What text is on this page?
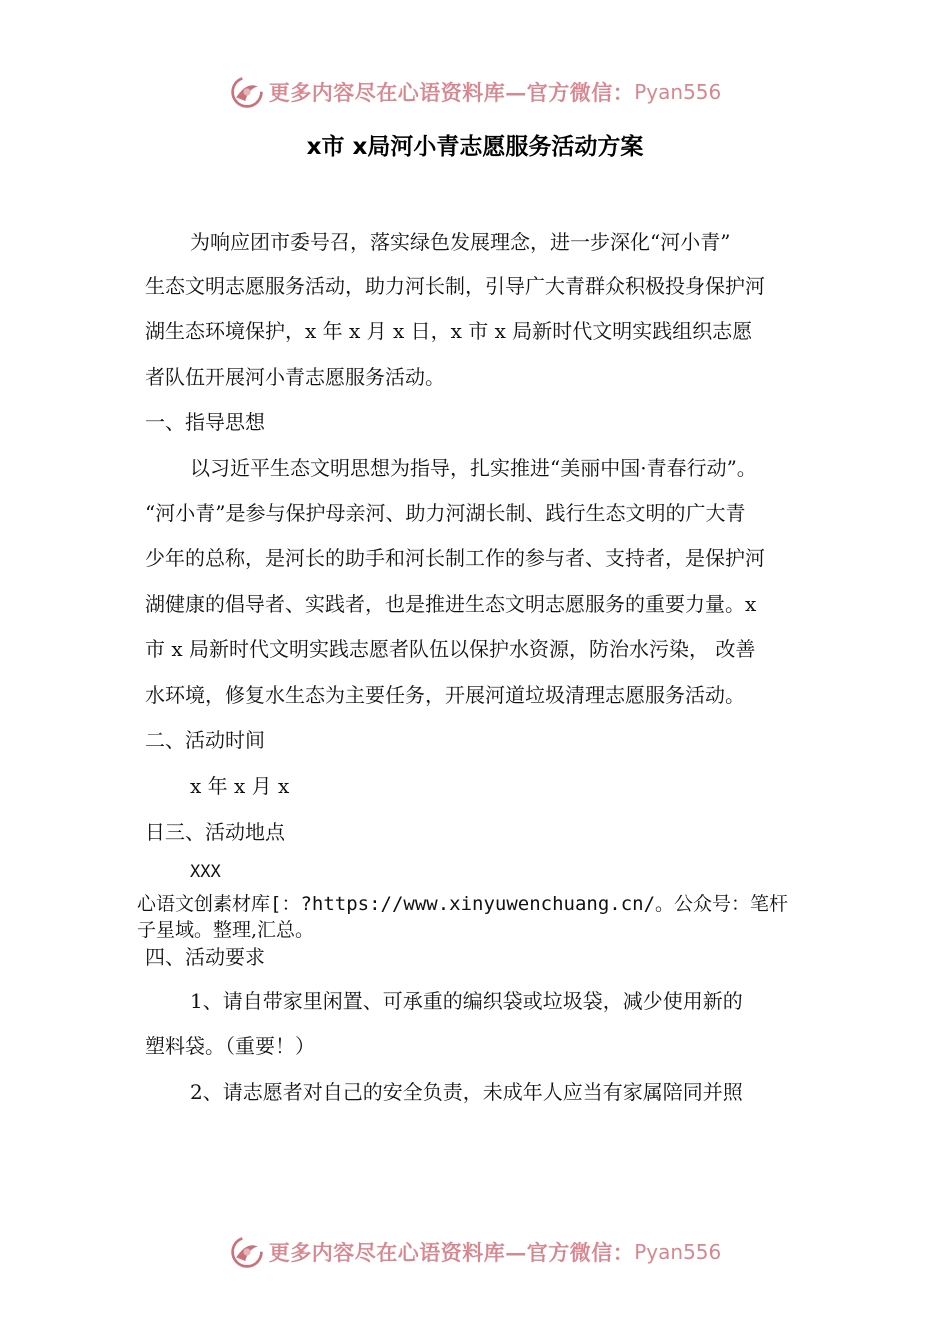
更多内容尽在心语资料库—官方微信： Pyan556
x市 x局河小青志愿服务活动方案
为响应团市委号召，落实绿色发展理念，进一步深化“河小青”
生态文明志愿服务活动，助力河长制，引导广大青群众积极投身保护河
湖生态环境保护，x 年 x 月 x 日，x 市 x 局新时代文明实践组织志愿
者队伍开展河小青志愿服务活动。
一、指导思想
以习近平生态文明思想为指导，扎实推进“美丽中国·青春行动”。
“河小青”是参与保护母亲河、助力河湖长制、践行生态文明的广大青
少年的总称，是河长的助手和河长制工作的参与者、支持者，是保护河
湖健康的倡导者、实践者，也是推进生态文明志愿服务的重要力量。x
市 x 局新时代文明实践志愿者队伍以保护水资源，防治水污染， 改善
水环境，修复水生态为主要任务，开展河道垃圾清理志愿服务活动。
二、活动时间
x 年 x 月 x
日三、活动地点
XXX
心语文创素材库[：?https://www.xinyuwenchuang.cn/。公众号：笔杆
子星域。整理,汇总。
四、活动要求
1、请自带家里闲置、可承重的编织袋或垃圾袋，减少使用新的
塑料袋。（重要！）
2、请志愿者对自己的安全负责，未成年人应当有家属陪同并照
更多内容尽在心语资料库—官方微信： Pyan556
